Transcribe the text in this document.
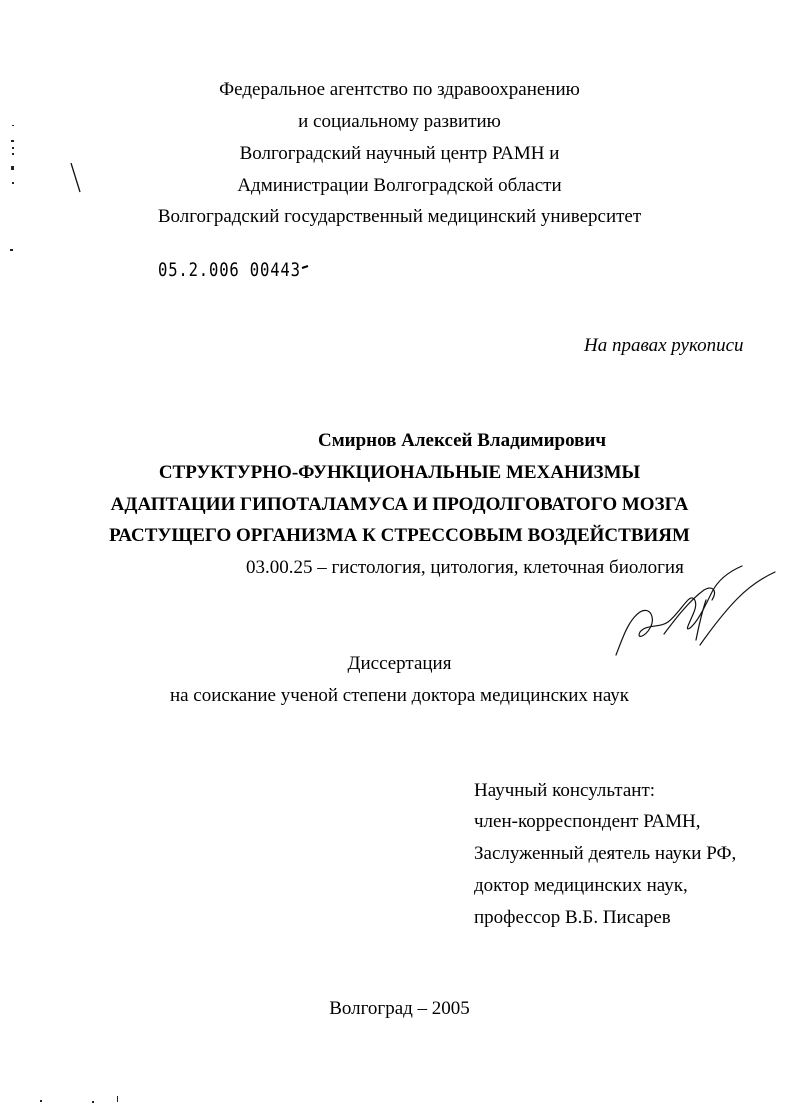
Федеральное агентство по здравоохранению
и социальному развитию
Волгоградский научный центр РАМН и
Администрации Волгоградской области
Волгоградский государственный медицинский университет
05.2.006 00443
На правах рукописи
Смирнов Алексей Владимирович
СТРУКТУРНО-ФУНКЦИОНАЛЬНЫЕ МЕХАНИЗМЫ
АДАПТАЦИИ ГИПОТАЛАМУСА И ПРОДОЛГОВАТОГО МОЗГА
РАСТУЩЕГО ОРГАНИЗМА К СТРЕССОВЫМ ВОЗДЕЙСТВИЯМ
03.00.25 – гистология, цитология, клеточная биология
Диссертация
на соискание ученой степени доктора медицинских наук
Научный консультант:
член-корреспондент РАМН,
Заслуженный деятель науки РФ,
доктор медицинских наук,
профессор В.Б. Писарев
Волгоград – 2005
